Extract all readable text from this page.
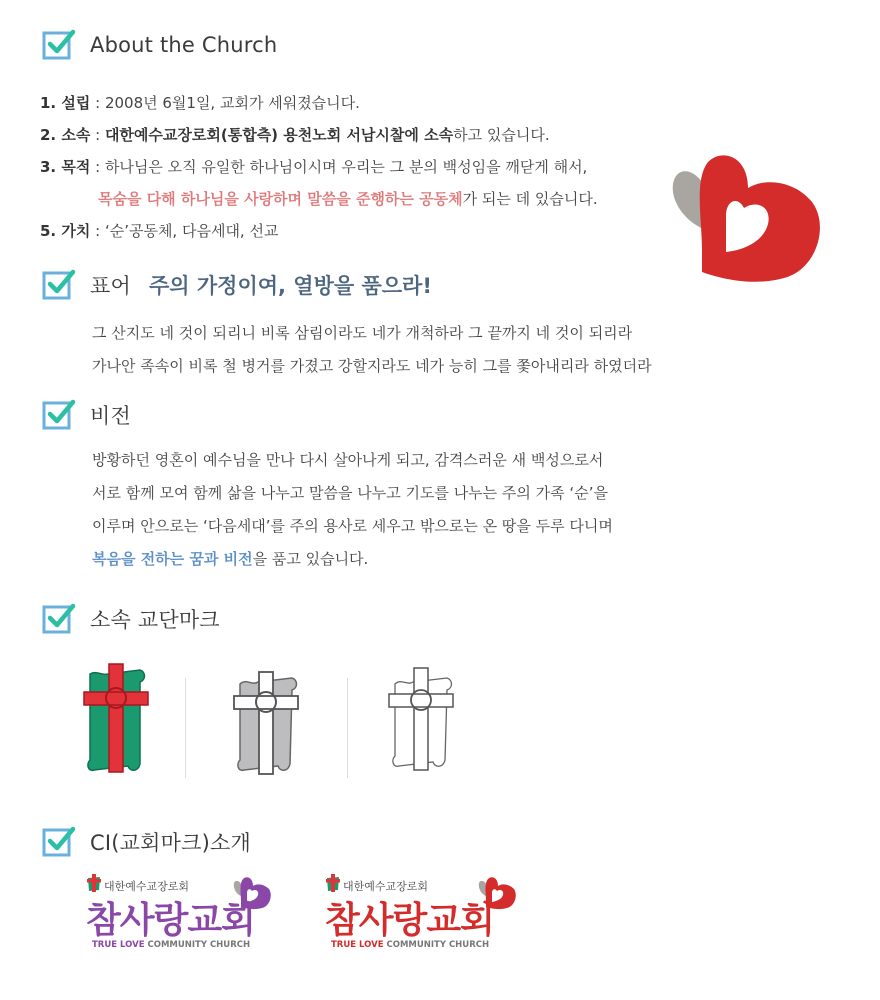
About the Church
1. 설립 : 2008년 6월1일, 교회가 세워졌습니다.
2. 소속 : 대한예수교장로회(통합측) 용천노회 서남시찰에 소속하고 있습니다.
3. 목적 : 하나님은 오직 유일한 하나님이시며 우리는 그 분의 백성임을 깨닫게 해서,
목숨을 다해 하나님을 사랑하며 말씀을 준행하는 공동체가 되는 데 있습니다.
5. 가치 : ‘순’공동체, 다음세대, 선교
표어 주의 가정이여, 열방을 품으라!
그 산지도 네 것이 되리니 비록 삼림이라도 네가 개척하라 그 끝까지 네 것이 되리라
가나안 족속이 비록 철 병거를 가졌고 강할지라도 네가 능히 그를 쫓아내리라 하였더라
비전
방황하던 영혼이 예수님을 만나 다시 살아나게 되고, 감격스러운 새 백성으로서
서로 함께 모여 함께 삶을 나누고 말씀을 나누고 기도를 나누는 주의 가족 ‘순’을
이루며 안으로는 ‘다음세대’를 주의 용사로 세우고 밖으로는 온 땅을 두루 다니며
복음을 전하는 꿈과 비전을 품고 있습니다.
소속 교단마크
CI(교회마크)소개
대한예수교장로회
참사랑교회
TRUE LOVE COMMUNITY CHURCH
대한예수교장로회
참사랑교회
TRUE LOVE COMMUNITY CHURCH
